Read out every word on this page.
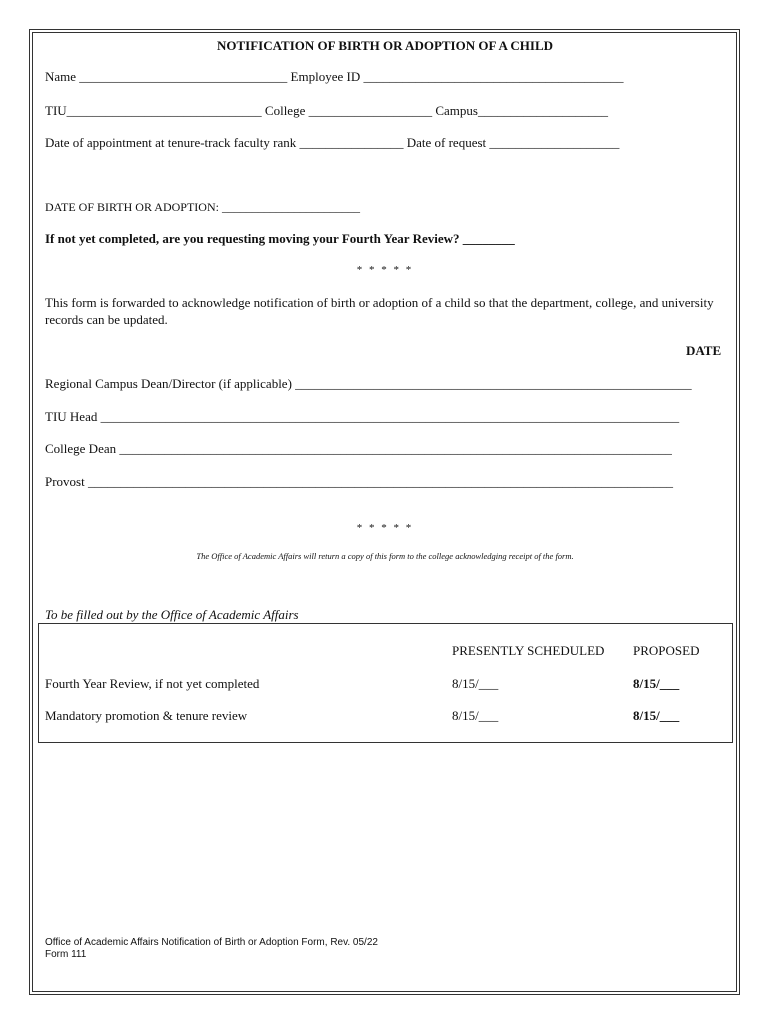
NOTIFICATION OF BIRTH OR ADOPTION OF A CHILD
Name ________________________________ Employee ID ________________________________________
TIU______________________________ College ___________________ Campus____________________
Date of appointment at tenure-track faculty rank ________________ Date of request ____________________
DATE OF BIRTH OR ADOPTION: _______________________
If not yet completed, are you requesting moving your Fourth Year Review? ________
* * * * *
This form is forwarded to acknowledge notification of birth or adoption of a child so that the department, college, and university records can be updated.
DATE
Regional Campus Dean/Director (if applicable) _____________________________________________________________
TIU Head _________________________________________________________________________________________
College Dean _____________________________________________________________________________________
Provost __________________________________________________________________________________________
* * * * *
The Office of Academic Affairs will return a copy of this form to the college acknowledging receipt of the form.
To be filled out by the Office of Academic Affairs
PRESENTLY SCHEDULED PROPOSED
Fourth Year Review, if not yet completed	8/15/___	8/15/___
Mandatory promotion & tenure review	8/15/___	8/15/___
Office of Academic Affairs Notification of Birth or Adoption Form, Rev. 05/22
Form 111
